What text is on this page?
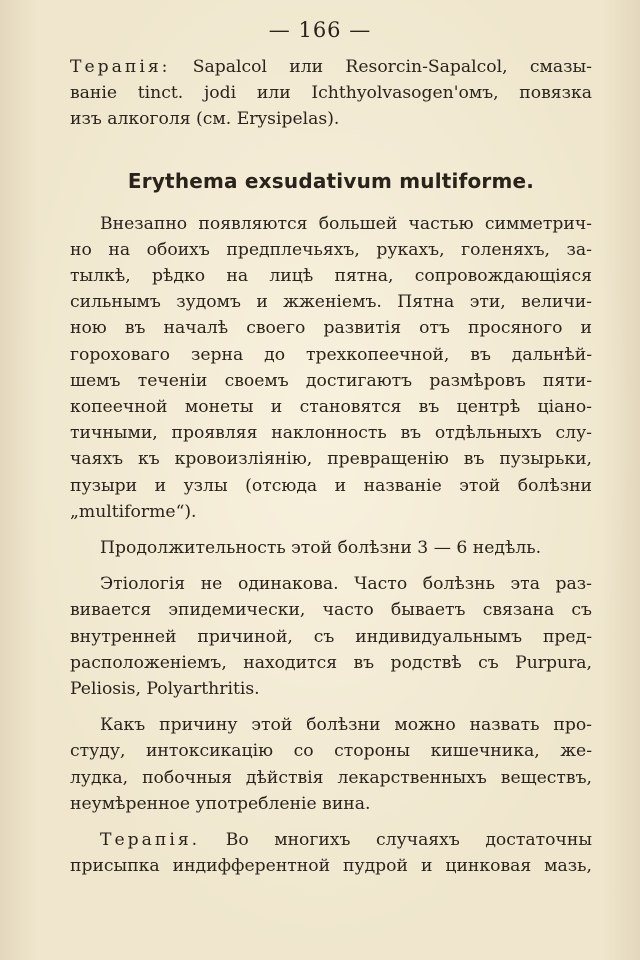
— 166 —

Терапія: Sapalcol или Resorcin-Sapalcol, смазы-

ваніе tinct. jodi или Ichthyolvasogen'омъ, повязка

изъ алкоголя (см. Erysipelas).

Erythema exsudativum multiforme.

Внезапно появляются большей частью симметрич-

но на обоихъ предплечьяхъ, рукахъ, голеняхъ, за-

тылкѣ, рѣдко на лицѣ пятна, сопровождающіяся

сильнымъ зудомъ и жженіемъ. Пятна эти, величи-

ною въ началѣ своего развитія отъ просяного и

гороховаго зерна до трехкопеечной, въ дальнѣй-

шемъ теченіи своемъ достигаютъ размѣровъ пяти-

копеечной монеты и становятся въ центрѣ ціано-

тичными, проявляя наклонность въ отдѣльныхъ слу-

чаяхъ къ кровоизліянію, превращенію въ пузырьки,

пузыри и узлы (отсюда и названіе этой болѣзни

„multiforme“).

Продолжительность этой болѣзни 3 — 6 недѣль.

Этіологія не одинакова. Часто болѣзнь эта раз-

вивается эпидемически, часто бываетъ связана съ

внутренней причиной, съ индивидуальнымъ пред-

расположеніемъ, находится въ родствѣ съ Purpura,

Peliosis, Polyarthritis.

Какъ причину этой болѣзни можно назвать про-

студу, интоксикацію со стороны кишечника, же-

лудка, побочныя дѣйствія лекарственныхъ веществъ,

неумѣренное употребленіе вина.

Терапія. Во многихъ случаяхъ достаточны

присыпка индифферентной пудрой и цинковая мазь,
